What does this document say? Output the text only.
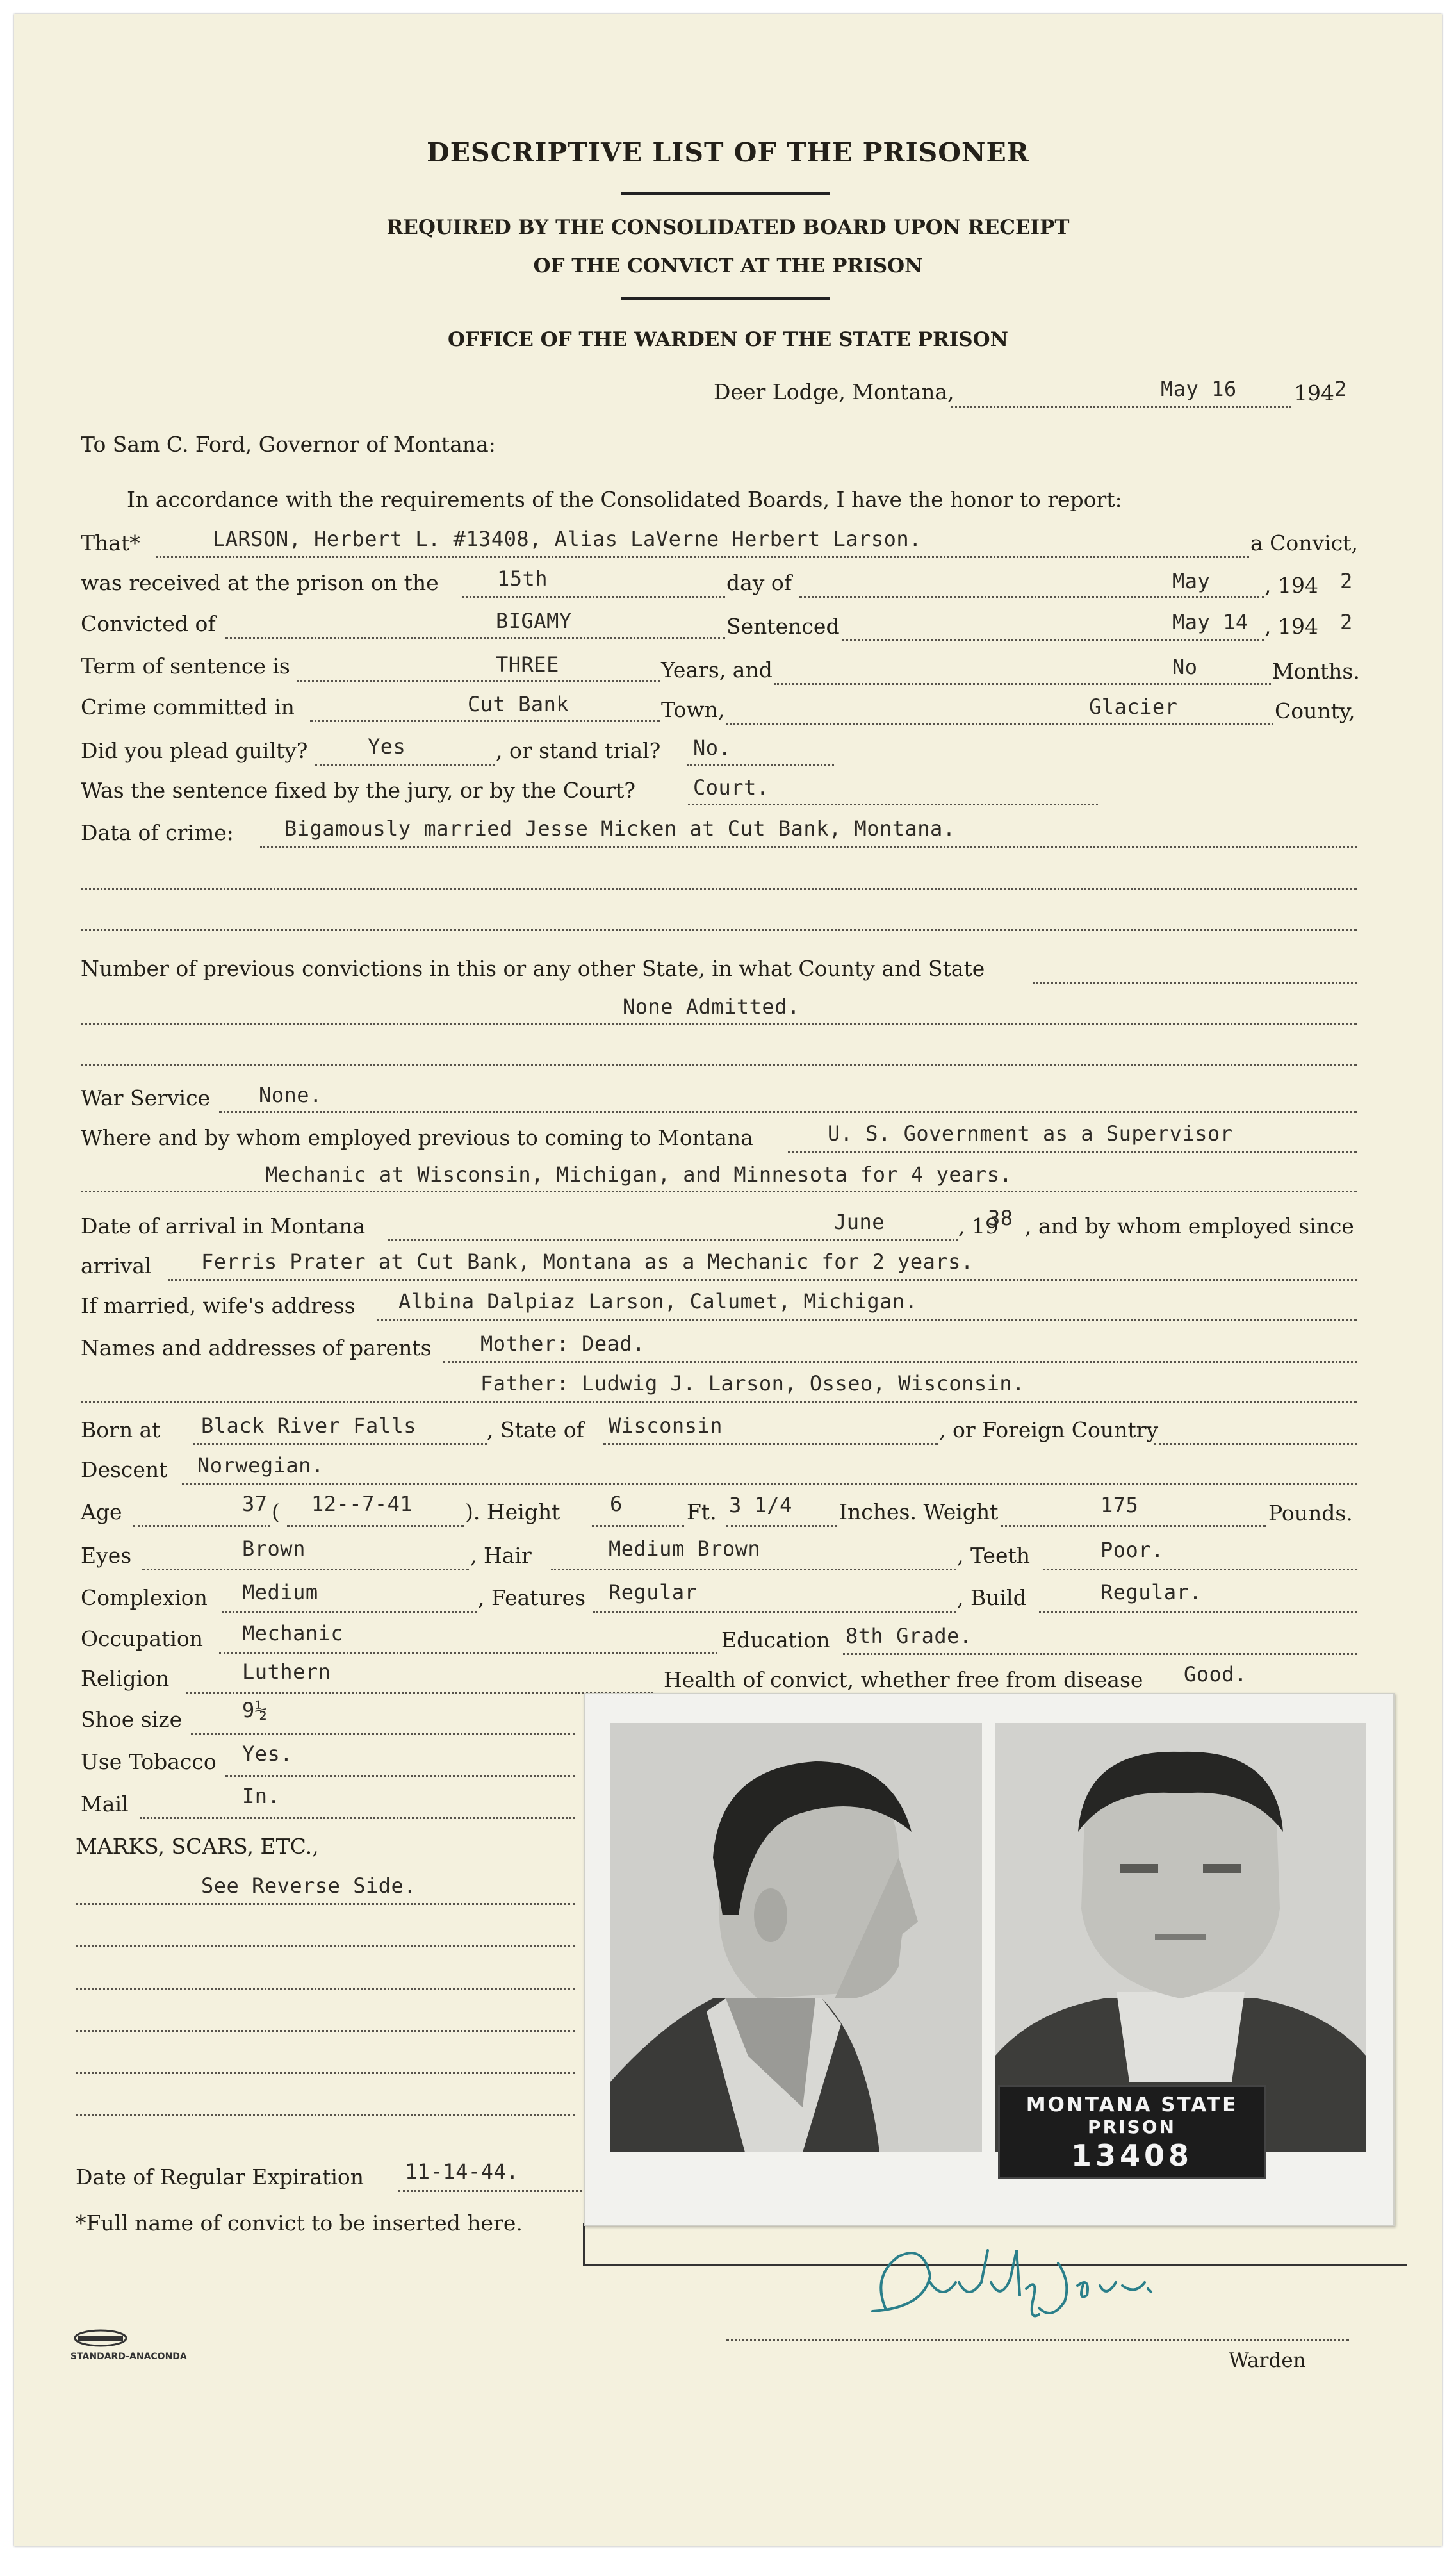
DESCRIPTIVE LIST OF THE PRISONER
REQUIRED BY THE CONSOLIDATED BOARD UPON RECEIPT
OF THE CONVICT AT THE PRISON
OFFICE OF THE WARDEN OF THE STATE PRISON
Deer Lodge, Montana,	May 16	194 2
To Sam C. Ford, Governor of Montana:
In accordance with the requirements of the Consolidated Boards, I have the honor to report:
That*	LARSON, Herbert L. #13408, Alias LaVerne Herbert Larson.	a Convict,
was received at the prison on the	15th	day of	May	, 194 2
Convicted of	BIGAMY	Sentenced	May 14 , 194 2
Term of sentence is	THREE	Years, and	No	Months.
Crime committed in	Cut Bank	Town,	Glacier	County,
Did you plead guilty?	Yes	, or stand trial? No.
Was the sentence fixed by the jury, or by the Court?	Court.
Data of crime: Bigamously married Jesse Micken at Cut Bank, Montana.
Number of previous convictions in this or any other State, in what County and State
None Admitted.
War Service None.
Where and by whom employed previous to coming to Montana	U. S. Government as a Supervisor
Mechanic at Wisconsin, Michigan, and Minnesota for 4 years.
Date of arrival in Montana	June	, 19
38 , and by whom employed since
arrival Ferris Prater at Cut Bank, Montana as a Mechanic for 2 years.
If married, wife's address Albina Dalpiaz Larson, Calumet, Michigan.
Names and addresses of parents Mother: Dead.
Father: Ludwig J. Larson, Osseo, Wisconsin.
Born at Black River Falls	, State of Wisconsin	, or Foreign Country
Descent Norwegian.
Age	37 ( 12--7-41 ). Height 6	Ft. 3 1/4 Inches. Weight	175	Pounds.
Eyes	Brown	, Hair	Medium Brown	, Teeth	Poor.
Complexion Medium	, Features Regular	, Build	Regular.
Occupation Mechanic	Education 8th Grade.
Religion	Luthern	Health of convict, whether free from disease Good.
Shoe size	9½
Use Tobacco Yes.
Mail	In.
MARKS, SCARS, ETC.,
See Reverse Side.
Date of Regular Expiration 11-14-44.
*Full name of convict to be inserted here.
MONTANA STATE
PRISON
13408
Warden
STANDARD-ANACONDA
